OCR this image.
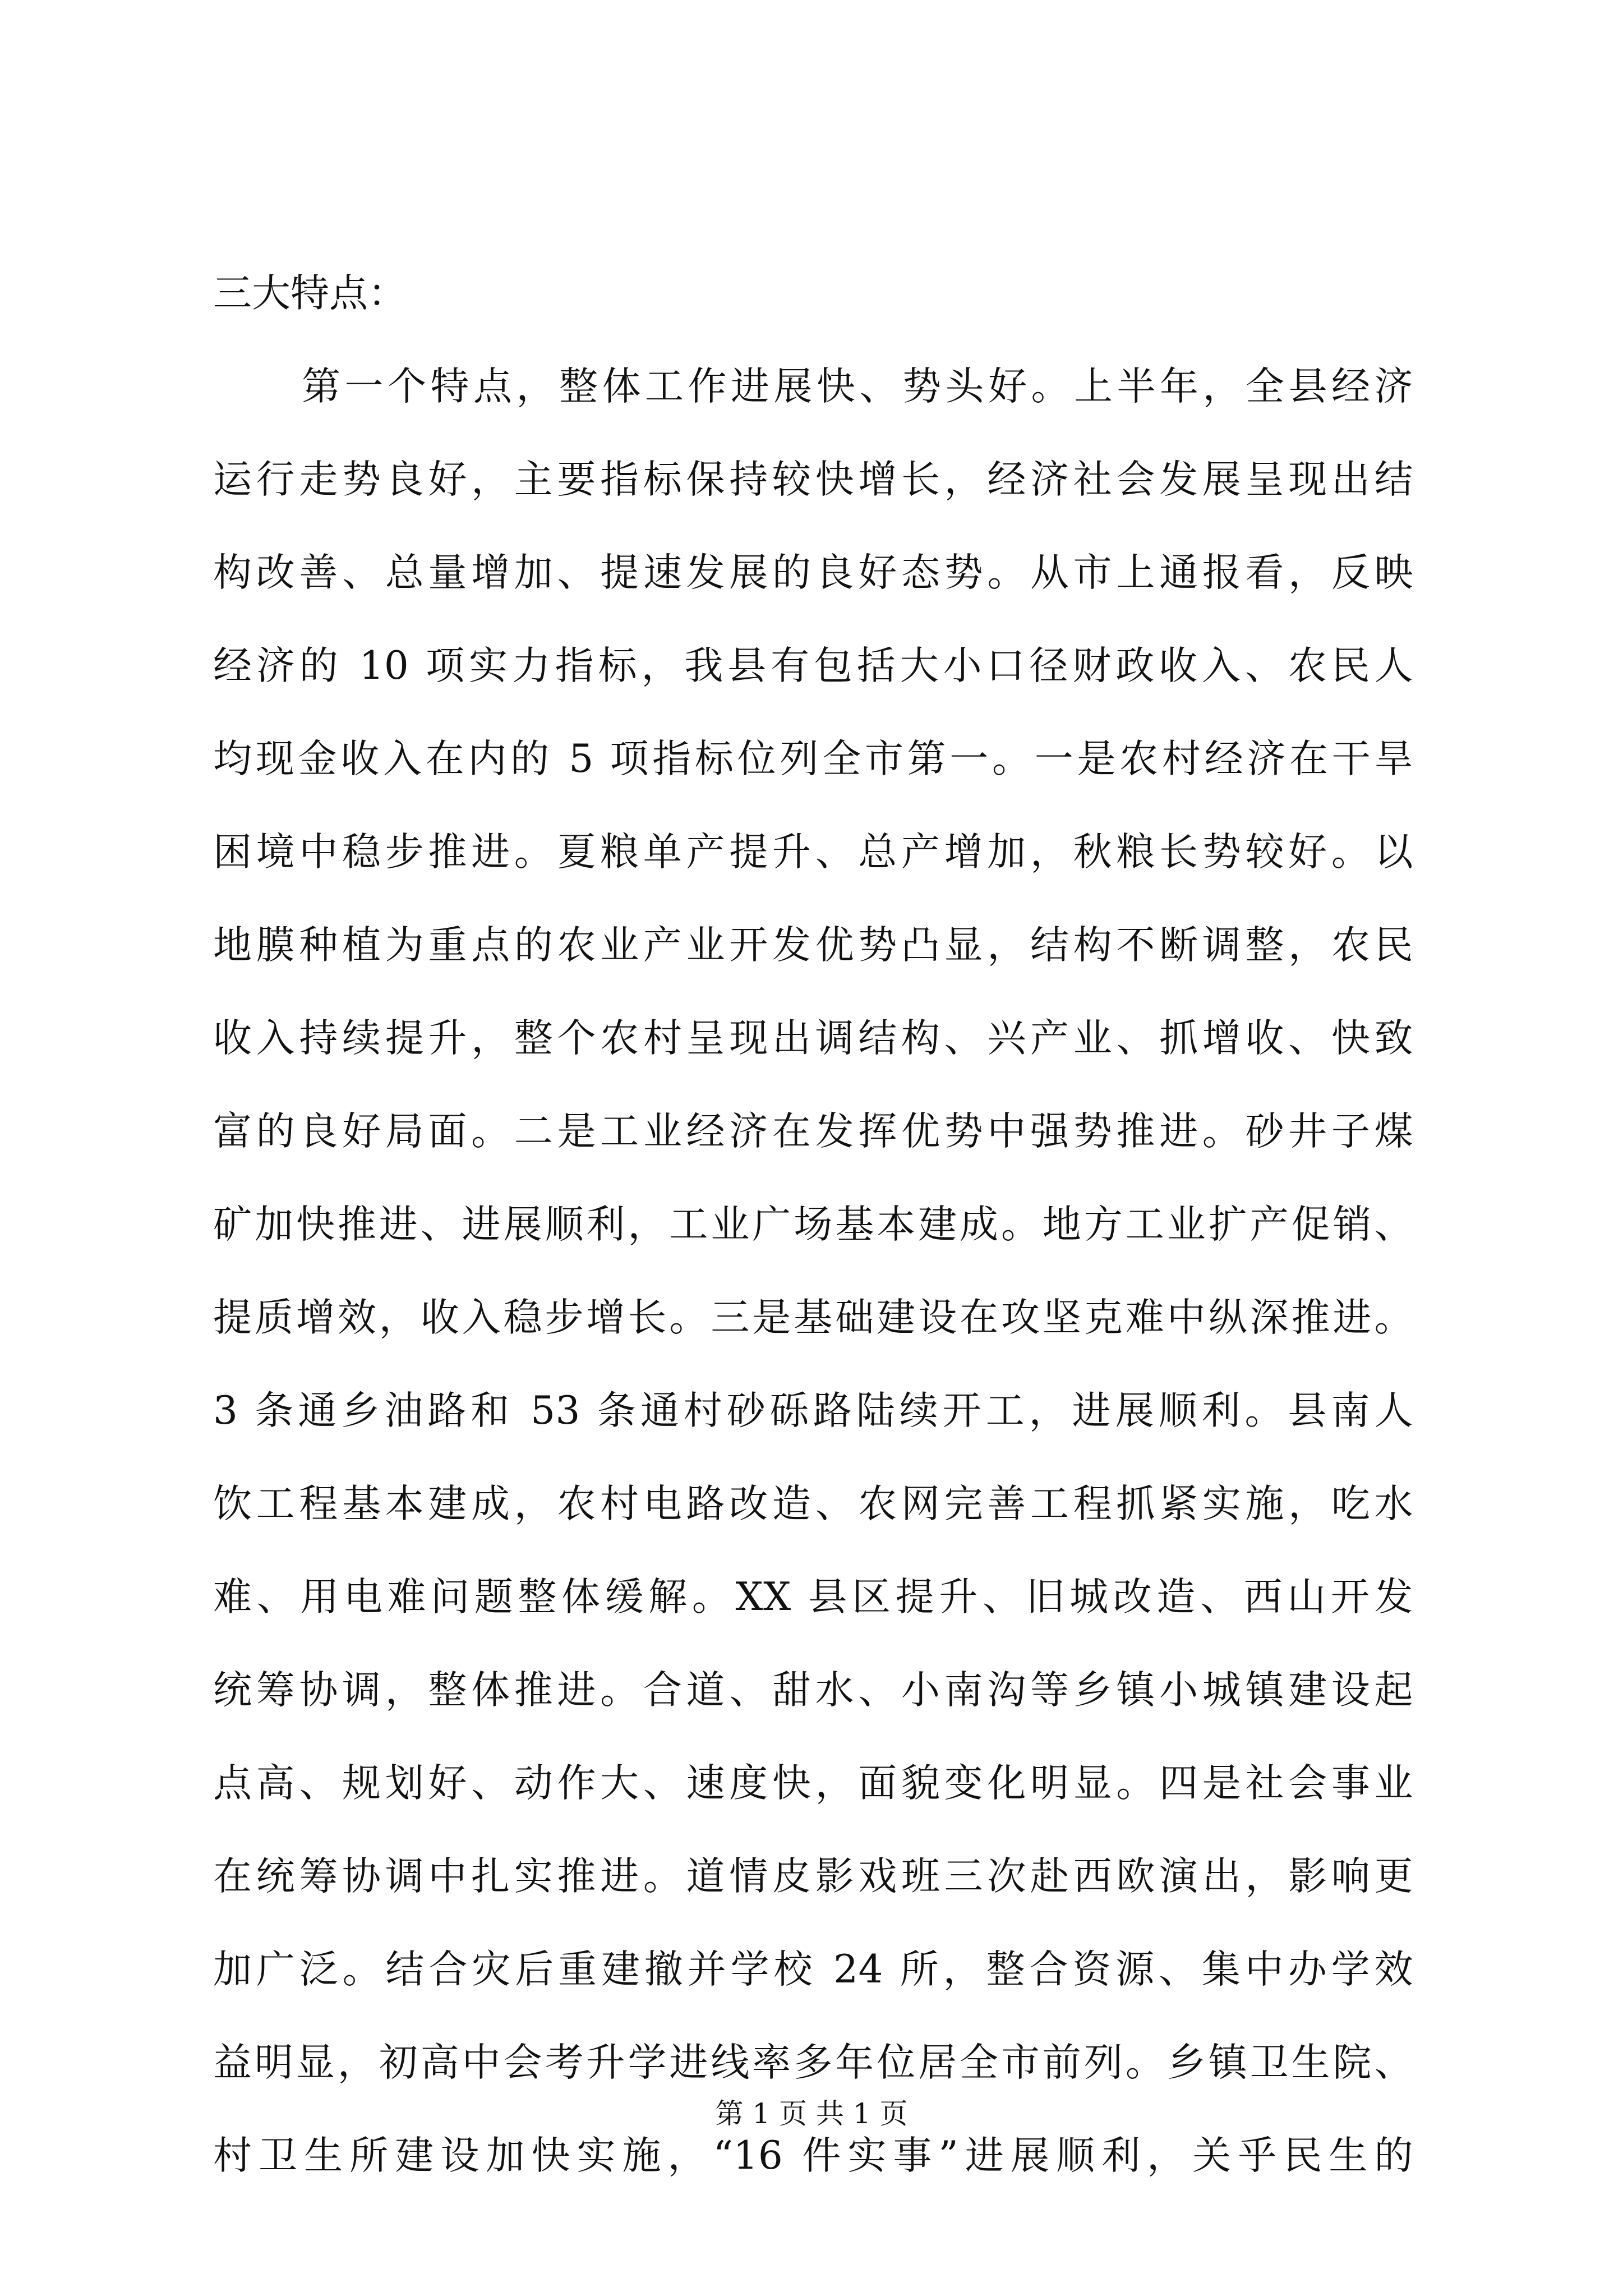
三大特点：
第一个特点，整体工作进展快、势头好。上半年，全县经济
运行走势良好，主要指标保持较快增长，经济社会发展呈现出结
构改善、总量增加、提速发展的良好态势。从市上通报看，反映
经济的 10 项实力指标，我县有包括大小口径财政收入、农民人
均现金收入在内的 5 项指标位列全市第一。一是农村经济在干旱
困境中稳步推进。夏粮单产提升、总产增加，秋粮长势较好。以
地膜种植为重点的农业产业开发优势凸显，结构不断调整，农民
收入持续提升，整个农村呈现出调结构、兴产业、抓增收、快致
富的良好局面。二是工业经济在发挥优势中强势推进。砂井子煤
矿加快推进、进展顺利，工业广场基本建成。地方工业扩产促销、
提质增效，收入稳步增长。三是基础建设在攻坚克难中纵深推进。
3 条通乡油路和 53 条通村砂砾路陆续开工，进展顺利。县南人
饮工程基本建成，农村电路改造、农网完善工程抓紧实施，吃水
难、用电难问题整体缓解。XX 县区提升、旧城改造、西山开发
统筹协调，整体推进。合道、甜水、小南沟等乡镇小城镇建设起
点高、规划好、动作大、速度快，面貌变化明显。四是社会事业
在统筹协调中扎实推进。道情皮影戏班三次赴西欧演出，影响更
加广泛。结合灾后重建撤并学校 24 所，整合资源、集中办学效
益明显，初高中会考升学进线率多年位居全市前列。乡镇卫生院、
村卫生所建设加快实施，“16 件实事”进展顺利，关乎民生的
第 1 页 共 1 页
